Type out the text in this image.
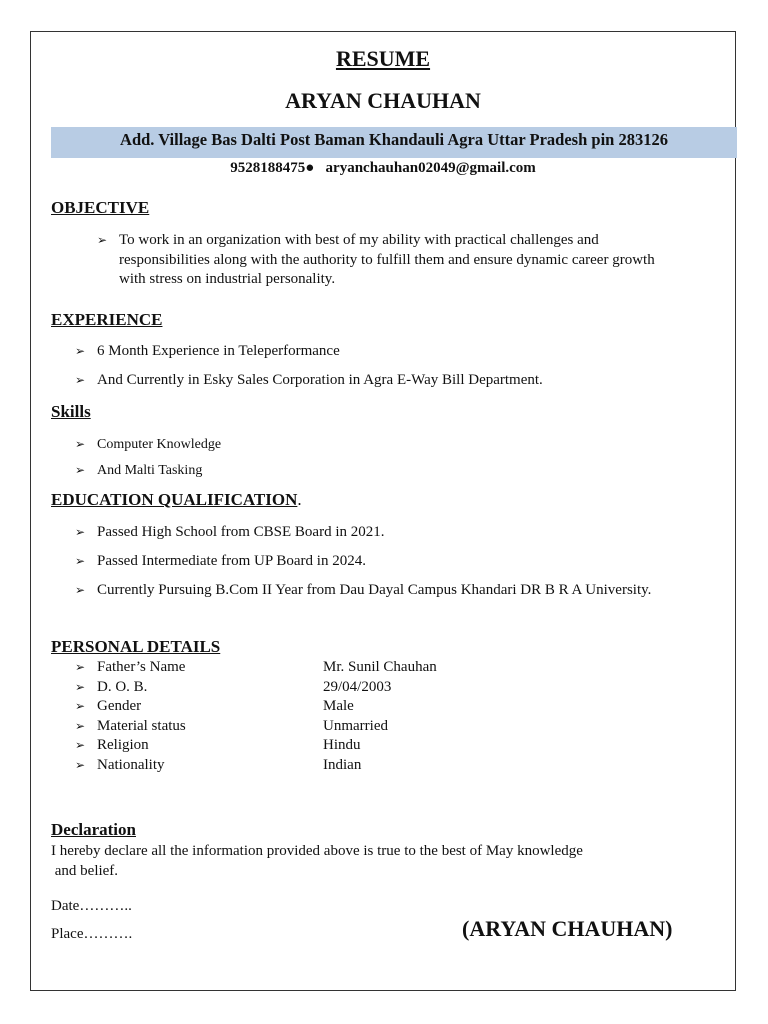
RESUME
ARYAN CHAUHAN
Add. Village Bas Dalti Post Baman Khandauli Agra Uttar Pradesh pin 283126
9528188475● aryanchauhan02049@gmail.com
OBJECTIVE
➢ To work in an organization with best of my ability with practical challenges and
responsibilities along with the authority to fulfill them and ensure dynamic career growth
with stress on industrial personality.
EXPERIENCE
➢ 6 Month Experience in Teleperformance
➢ And Currently in Esky Sales Corporation in Agra E-Way Bill Department.
Skills
➢ Computer Knowledge
➢ And Malti Tasking
EDUCATION QUALIFICATION.
➢ Passed High School from CBSE Board in 2021.
➢ Passed Intermediate from UP Board in 2024.
➢ Currently Pursuing B.Com II Year from Dau Dayal Campus Khandari DR B R A University.
PERSONAL DETAILS
➢ Father’s Name	Mr. Sunil Chauhan
➢ D. O. B.	29/04/2003
➢ Gender	Male
➢ Material status	Unmarried
➢ Religion	Hindu
➢ Nationality	Indian
Declaration
I hereby declare all the information provided above is true to the best of May knowledge
and belief.
Date………..
Place……….	(ARYAN CHAUHAN)
